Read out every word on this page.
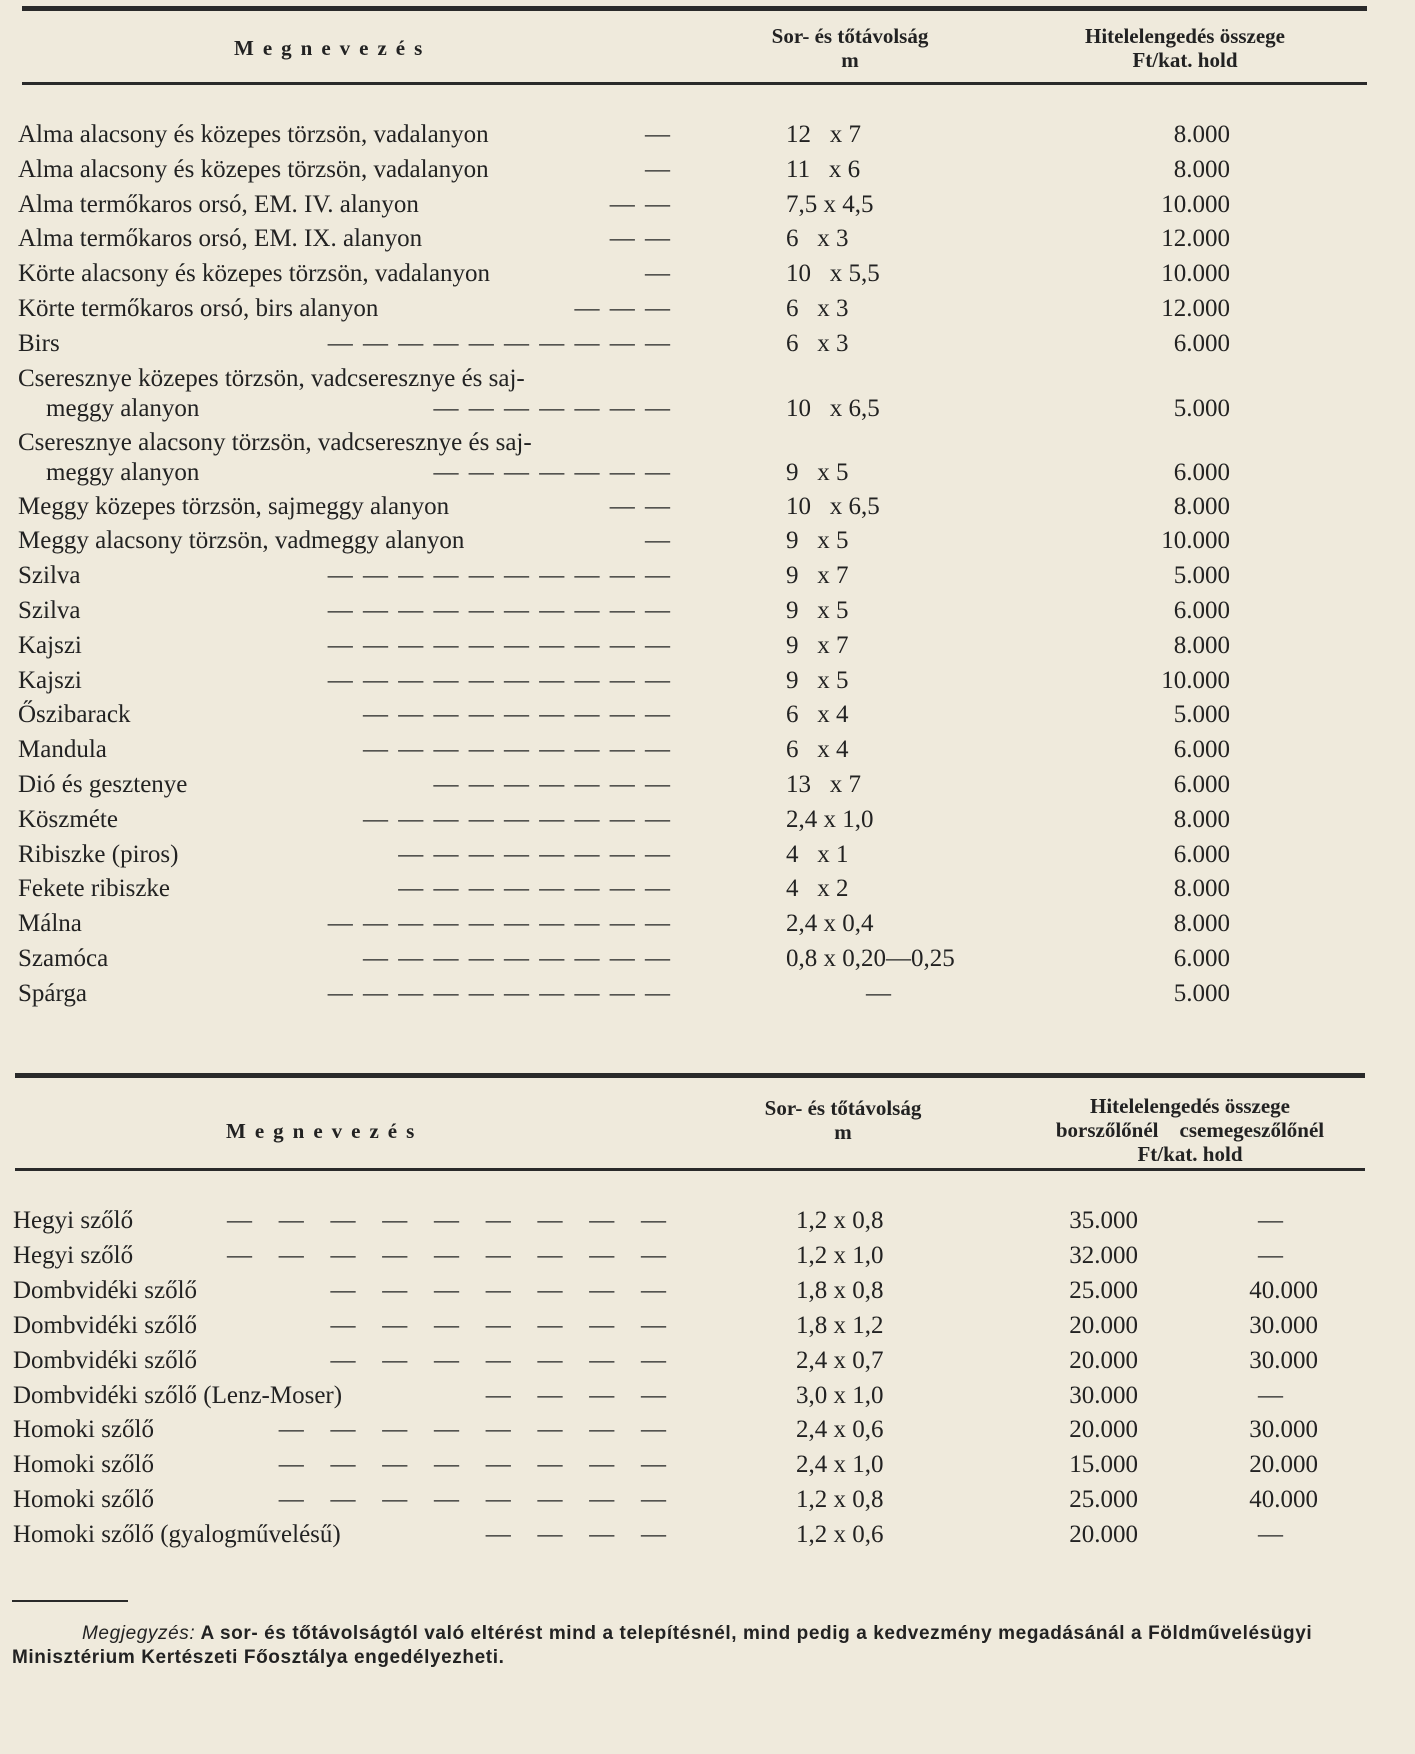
Megnevezés	Sor- és tőtávolság
m
Hitelelengedés összege
Ft/kat. hold
Alma alacsony és közepes törzsön, vadalanyon	—	12   x 7	8.000
Alma alacsony és közepes törzsön, vadalanyon	—	11   x 6	8.000
Alma termőkaros orsó, EM. IV. alanyon	— —	7,5 x 4,5	10.000
Alma termőkaros orsó, EM. IX. alanyon	— —	6   x 3	12.000
Körte alacsony és közepes törzsön, vadalanyon	—	10   x 5,5	10.000
Körte termőkaros orsó, birs alanyon	— — —	6   x 3	12.000
Birs	— — — — — — — — — —	6   x 3	6.000
Cseresznye közepes törzsön, vadcseresznye és saj-
meggy alanyon	— — — — — — —	10   x 6,5	5.000
Cseresznye alacsony törzsön, vadcseresznye és saj-
meggy alanyon	— — — — — — —	9   x 5	6.000
Meggy közepes törzsön, sajmeggy alanyon	— —	10   x 6,5	8.000
Meggy alacsony törzsön, vadmeggy alanyon	—	9   x 5	10.000
Szilva	— — — — — — — — — —	9   x 7	5.000
Szilva	— — — — — — — — — —	9   x 5	6.000
Kajszi	— — — — — — — — — —	9   x 7	8.000
Kajszi	— — — — — — — — — —	9   x 5	10.000
Őszibarack	— — — — — — — — —	6   x 4	5.000
Mandula	— — — — — — — — —	6   x 4	6.000
Dió és gesztenye	— — — — — — —	13   x 7	6.000
Köszméte	— — — — — — — — —	2,4 x 1,0	8.000
Ribiszke (piros)	— — — — — — — —	4   x 1	6.000
Fekete ribiszke	— — — — — — — —	4   x 2	8.000
Málna	— — — — — — — — — —	2,4 x 0,4	8.000
Szamóca	— — — — — — — — —	0,8 x 0,20—0,25	6.000
Spárga	— — — — — — — — — —	—	5.000
Megnevezés
Sor- és tőtávolság
m
Hitelelengedés összege
borszőlőnél csemegeszőlőnél
Ft/kat. hold
Hegyi szőlő	—   —   —   —   —   —   —   —   —	1,2 x 0,8	35.000	—
Hegyi szőlő	—   —   —   —   —   —   —   —   —	1,2 x 1,0	32.000	—
Dombvidéki szőlő	—   —   —   —   —   —   —	1,8 x 0,8	25.000	40.000
Dombvidéki szőlő	—   —   —   —   —   —   —	1,8 x 1,2	20.000	30.000
Dombvidéki szőlő	—   —   —   —   —   —   —	2,4 x 0,7	20.000	30.000
Dombvidéki szőlő (Lenz-Moser)	—   —   —   —	3,0 x 1,0	30.000	—
Homoki szőlő	—   —   —   —   —   —   —   —	2,4 x 0,6	20.000	30.000
Homoki szőlő	—   —   —   —   —   —   —   —	2,4 x 1,0	15.000	20.000
Homoki szőlő	—   —   —   —   —   —   —   —	1,2 x 0,8	25.000	40.000
Homoki szőlő (gyalogművelésű)	—   —   —   —	1,2 x 0,6	20.000	—
Megjegyzés: A sor- és tőtávolságtól való eltérést mind a telepítésnél, mind pedig a kedvezmény megadásánál a Földművelésügyi Minisztérium Kertészeti Főosztálya engedélyezheti.
